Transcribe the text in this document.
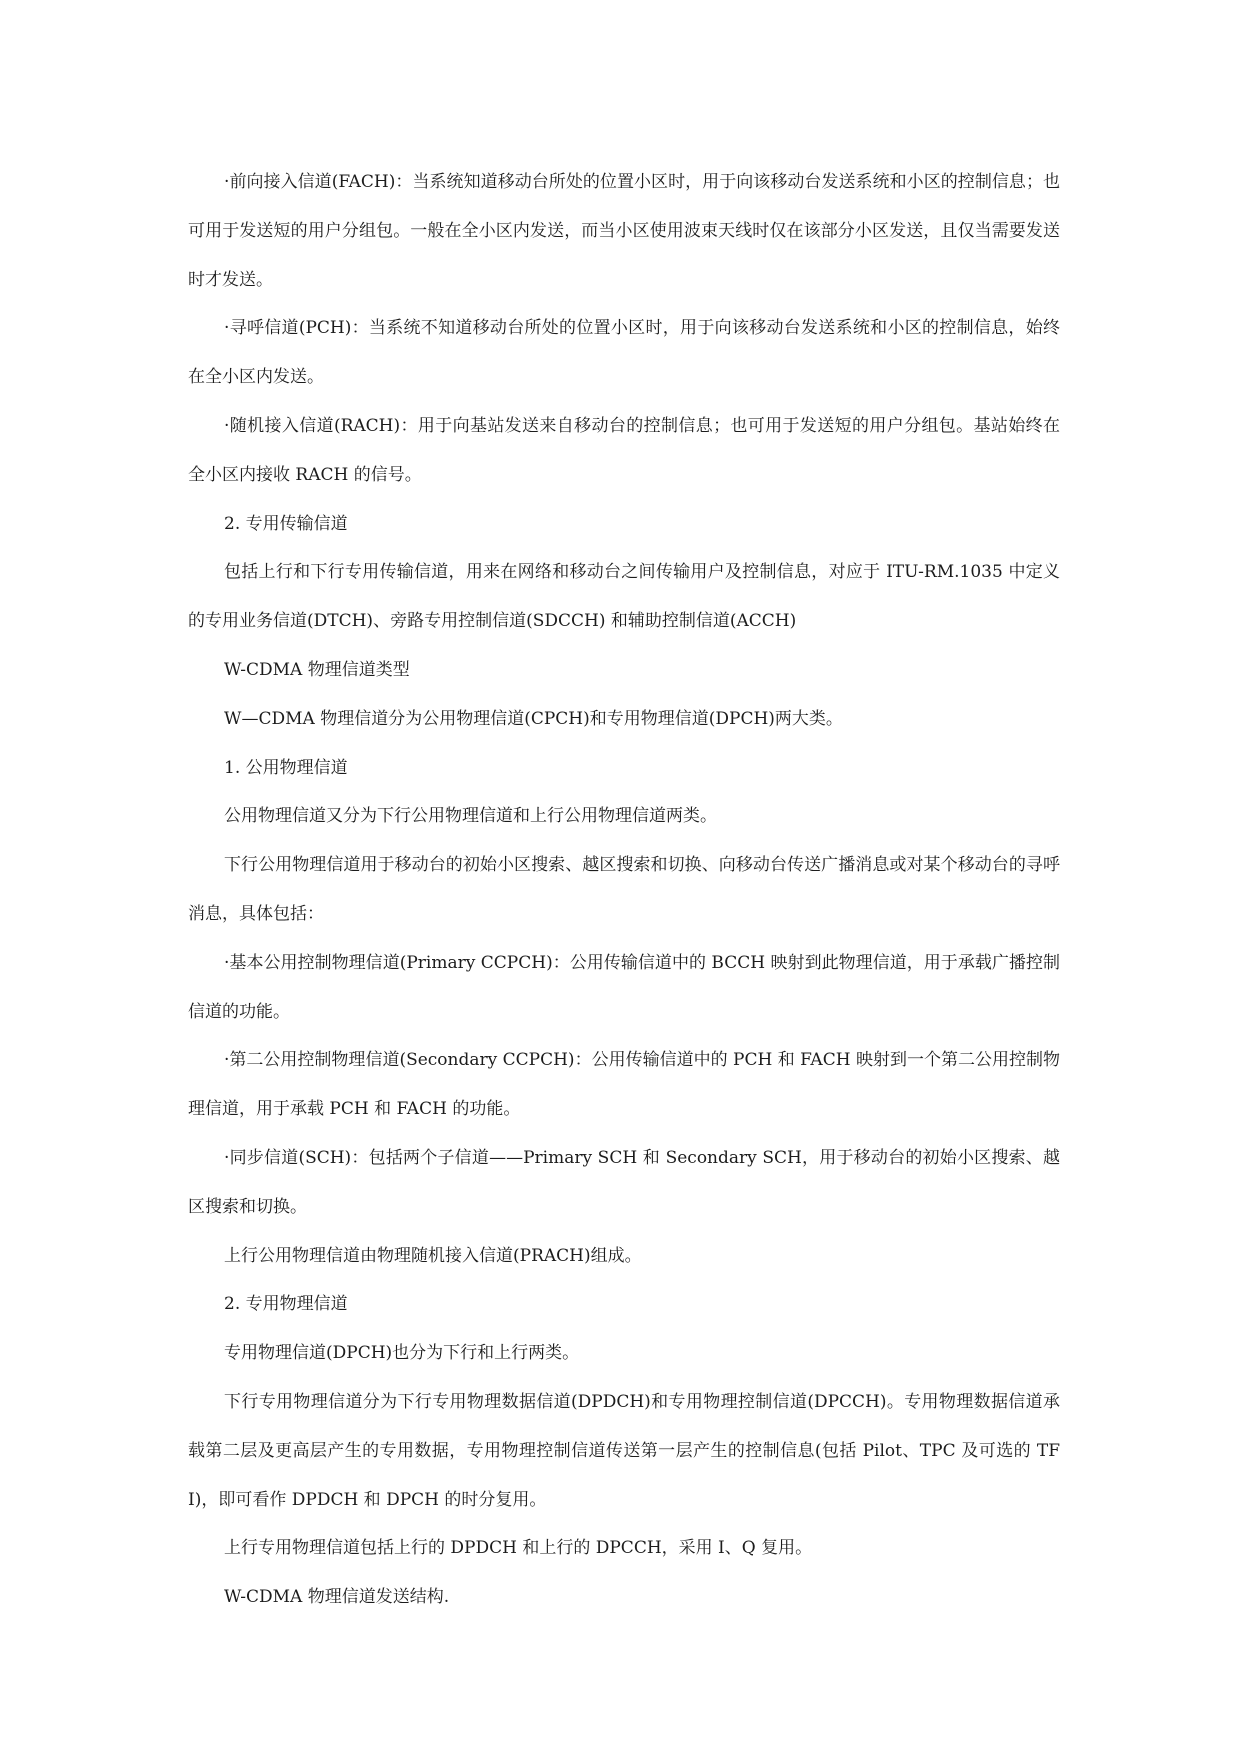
·前向接入信道(FACH)：当系统知道移动台所处的位置小区时，用于向该移动台发送系统和小区的控制信息；也可用于发送短的用户分组包。一般在全小区内发送，而当小区使用波束天线时仅在该部分小区发送，且仅当需要发送时才发送。

·寻呼信道(PCH)：当系统不知道移动台所处的位置小区时，用于向该移动台发送系统和小区的控制信息，始终在全小区内发送。

·随机接入信道(RACH)：用于向基站发送来自移动台的控制信息；也可用于发送短的用户分组包。基站始终在全小区内接收 RACH 的信号。

2. 专用传输信道

包括上行和下行专用传输信道，用来在网络和移动台之间传输用户及控制信息，对应于 ITU-RM.1035 中定义的专用业务信道(DTCH)、旁路专用控制信道(SDCCH) 和辅助控制信道(ACCH)

W-CDMA 物理信道类型

W—CDMA 物理信道分为公用物理信道(CPCH)和专用物理信道(DPCH)两大类。

1. 公用物理信道

公用物理信道又分为下行公用物理信道和上行公用物理信道两类。

下行公用物理信道用于移动台的初始小区搜索、越区搜索和切换、向移动台传送广播消息或对某个移动台的寻呼消息，具体包括：

·基本公用控制物理信道(Primary CCPCH)：公用传输信道中的 BCCH 映射到此物理信道，用于承载广播控制信道的功能。

·第二公用控制物理信道(Secondary CCPCH)：公用传输信道中的 PCH 和 FACH 映射到一个第二公用控制物理信道，用于承载 PCH 和 FACH 的功能。

·同步信道(SCH)：包括两个子信道——Primary SCH 和 Secondary SCH，用于移动台的初始小区搜索、越区搜索和切换。

上行公用物理信道由物理随机接入信道(PRACH)组成。

2. 专用物理信道

专用物理信道(DPCH)也分为下行和上行两类。

下行专用物理信道分为下行专用物理数据信道(DPDCH)和专用物理控制信道(DPCCH)。专用物理数据信道承载第二层及更高层产生的专用数据，专用物理控制信道传送第一层产生的控制信息(包括 Pilot、TPC 及可选的 TFI)，即可看作 DPDCH 和 DPCH 的时分复用。

上行专用物理信道包括上行的 DPDCH 和上行的 DPCCH，采用 I、Q 复用。

W-CDMA 物理信道发送结构.
